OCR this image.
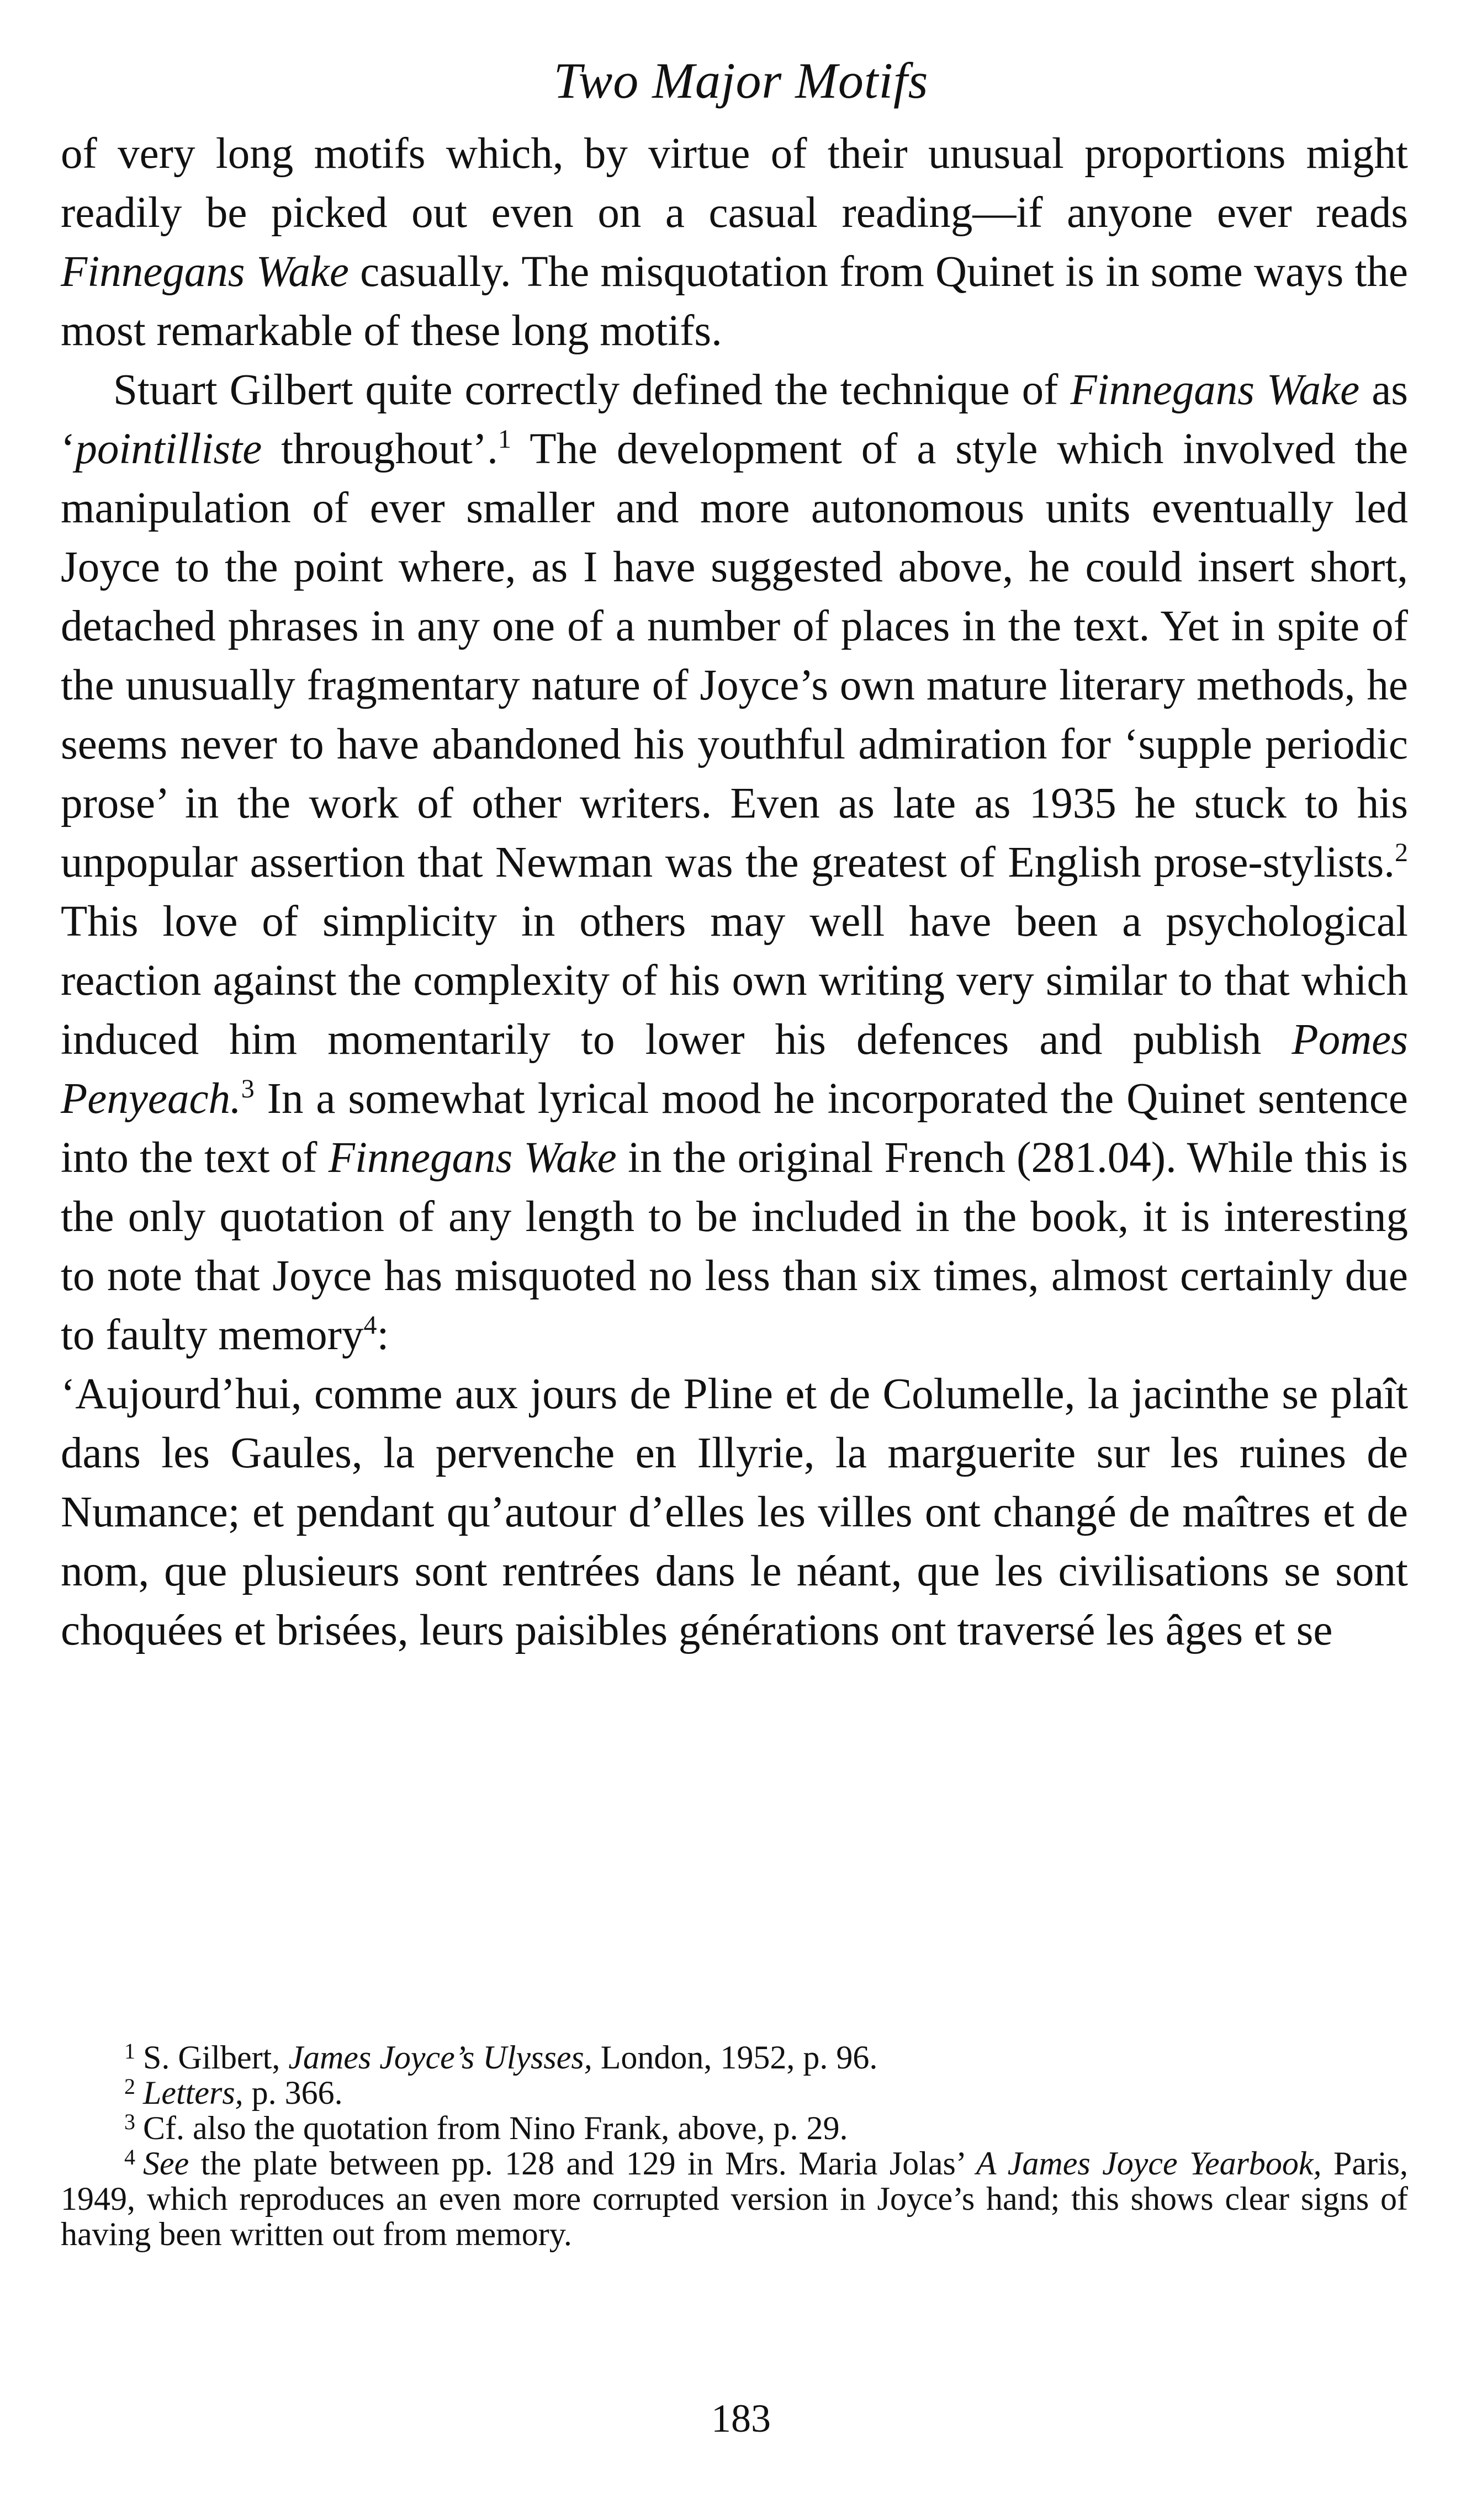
Two Major Motifs

of very long motifs which, by virtue of their unusual proportions might readily be picked out even on a casual reading—if anyone ever reads Finnegans Wake casually. The misquotation from Quinet is in some ways the most remarkable of these long motifs.

Stuart Gilbert quite correctly defined the technique of Finnegans Wake as ‘pointilliste throughout’.$^1$ The development of a style which involved the manipulation of ever smaller and more autonomous units eventually led Joyce to the point where, as I have suggested above, he could insert short, detached phrases in any one of a number of places in the text. Yet in spite of the unusually fragmentary nature of Joyce’s own mature literary methods, he seems never to have abandoned his youthful admiration for ‘supple periodic prose’ in the work of other writers. Even as late as 1935 he stuck to his unpopular assertion that Newman was the greatest of English prose-stylists.$^2$ This love of simplicity in others may well have been a psychological reaction against the complexity of his own writing very similar to that which induced him momentarily to lower his defences and publish Pomes Penyeach.$^3$ In a somewhat lyrical mood he incorporated the Quinet sentence into the text of Finnegans Wake in the original French (281.04). While this is the only quotation of any length to be included in the book, it is interesting to note that Joyce has misquoted no less than six times, almost certainly due to faulty memory$^4$:

‘Aujourd’hui, comme aux jours de Pline et de Columelle, la jacinthe se plaît dans les Gaules, la pervenche en Illyrie, la marguerite sur les ruines de Numance; et pendant qu’autour d’elles les villes ont changé de maîtres et de nom, que plusieurs sont rentrées dans le néant, que les civilisations se sont choquées et brisées, leurs paisibles générations ont traversé les âges et se

$^1$ S. Gilbert, James Joyce’s Ulysses, London, 1952, p. 96.

$^2$ Letters, p. 366.

$^3$ Cf. also the quotation from Nino Frank, above, p. 29.

$^4$ See the plate between pp. 128 and 129 in Mrs. Maria Jolas’ A James Joyce Yearbook, Paris, 1949, which reproduces an even more corrupted version in Joyce’s hand; this shows clear signs of having been written out from memory.

183
